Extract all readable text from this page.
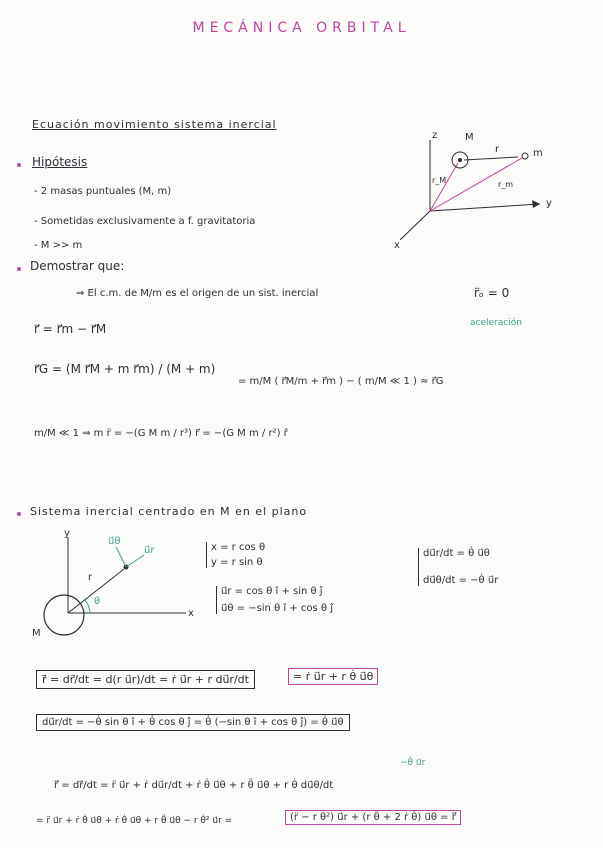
MECÁNICA ORBITAL
Ecuación movimiento sistema inercial
Hipótesis
- 2 masas puntuales (M, m)
- Sometidas exclusivamente a f. gravitatoria
- M >> m
Demostrar que:
⇒ El c.m. de M/m es el origen de un sist. inercial	r̈ₒ = 0
aceleración
z
y
x
M
m
r
r_M	r_m
r⃗ = r⃗m − r⃗M
r⃗G = (M r⃗M + m r⃗m) / (M + m)
= m/M ( r⃗M/m + r⃗m ) − ( m/M ≪ 1 ) ≈ r⃗G
m/M ≪ 1 ⇒ m r̈ = −(G M m / r³) r⃗ = −(G M m / r²) r̂
Sistema inercial centrado en M en el plano
y
x
M
r
θ
u⃗r
u⃗θ
x = r cos θ
y = r sin θ
u⃗r = cos θ î + sin θ ĵ
u⃗θ = −sin θ î + cos θ ĵ
du⃗r/dt = θ̇ u⃗θ
du⃗θ/dt = −θ̇ u⃗r
ṙ⃗ = dr⃗/dt = d(r u⃗r)/dt = ṙ u⃗r + r du⃗r/dt	= ṙ u⃗r + r θ̇ u⃗θ
du⃗r/dt = −θ̇ sin θ î + θ̇ cos θ ĵ = θ̇ (−sin θ î + cos θ ĵ) = θ̇ u⃗θ
r̈⃗ = dṙ⃗/dt = r̈ u⃗r + ṙ du⃗r/dt + ṙ θ̇ u⃗θ + r θ̈ u⃗θ + r θ̇ du⃗θ/dt
−θ̇ u⃗r
= r̈ u⃗r + ṙ θ̇ u⃗θ + ṙ θ̇ u⃗θ + r θ̈ u⃗θ − r θ̇² u⃗r =	(r̈ − r θ̇²) u⃗r + (r θ̈ + 2 ṙ θ̇) u⃗θ = r̈⃗
